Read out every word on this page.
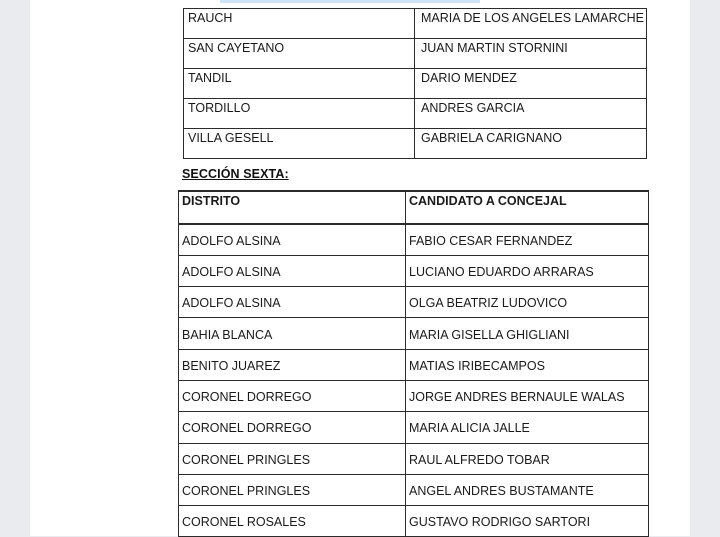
RAUCH	MARIA DE LOS ANGELES LAMARCHE
SAN CAYETANO	JUAN MARTIN STORNINI
TANDIL	DARIO MENDEZ
TORDILLO	ANDRES GARCIA
VILLA GESELL	GABRIELA CARIGNANO
SECCIÓN SEXTA:
DISTRITO	CANDIDATO A CONCEJAL
ADOLFO ALSINA	FABIO CESAR FERNANDEZ
ADOLFO ALSINA	LUCIANO EDUARDO ARRARAS
ADOLFO ALSINA	OLGA BEATRIZ LUDOVICO
BAHIA BLANCA	MARIA GISELLA GHIGLIANI
BENITO JUAREZ	MATIAS IRIBECAMPOS
CORONEL DORREGO	JORGE ANDRES BERNAULE WALAS
CORONEL DORREGO	MARIA ALICIA JALLE
CORONEL PRINGLES	RAUL ALFREDO TOBAR
CORONEL PRINGLES	ANGEL ANDRES BUSTAMANTE
CORONEL ROSALES	GUSTAVO RODRIGO SARTORI
